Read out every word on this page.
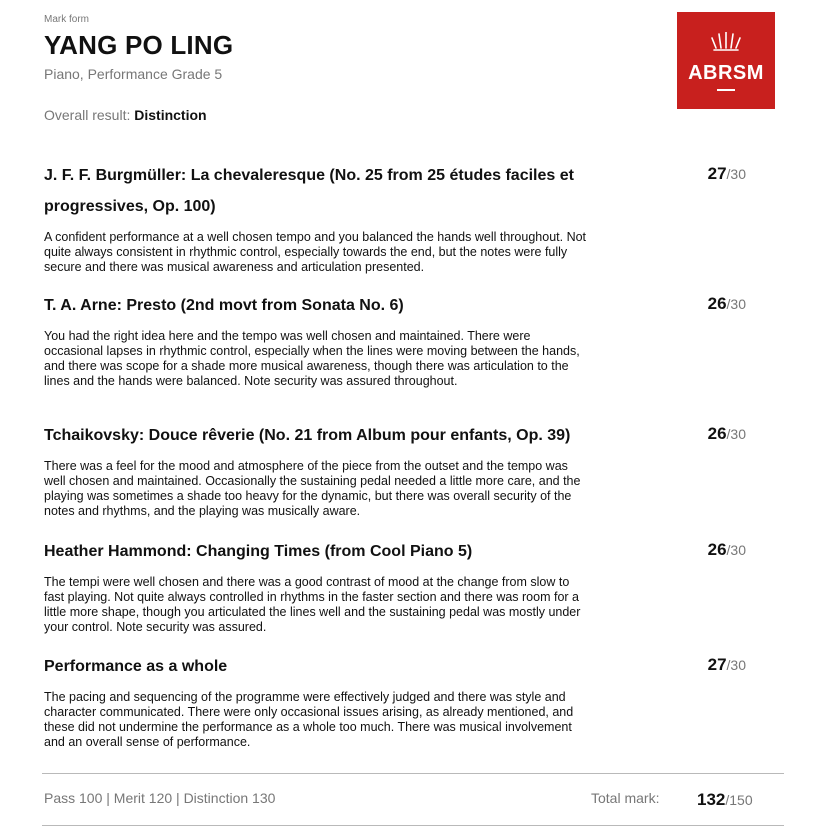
Mark form
YANG PO LING
Piano, Performance Grade 5
Overall result: Distinction
ABRSM
J. F. F. Burgmüller: La chevaleresque (No. 25 from 25 études faciles et progressives, Op. 100)
A confident performance at a well chosen tempo and you balanced the hands well throughout. Not quite always consistent in rhythmic control, especially towards the end, but the notes were fully secure and there was musical awareness and articulation presented.
27/30
T. A. Arne: Presto (2nd movt from Sonata No. 6)
You had the right idea here and the tempo was well chosen and maintained. There were occasional lapses in rhythmic control, especially when the lines were moving between the hands, and there was scope for a shade more musical awareness, though there was articulation to the lines and the hands were balanced. Note security was assured throughout.
26/30
Tchaikovsky: Douce rêverie (No. 21 from Album pour enfants, Op. 39)
There was a feel for the mood and atmosphere of the piece from the outset and the tempo was well chosen and maintained. Occasionally the sustaining pedal needed a little more care, and the playing was sometimes a shade too heavy for the dynamic, but there was overall security of the notes and rhythms, and the playing was musically aware.
26/30
Heather Hammond: Changing Times (from Cool Piano 5)
The tempi were well chosen and there was a good contrast of mood at the change from slow to fast playing. Not quite always controlled in rhythms in the faster section and there was room for a little more shape, though you articulated the lines well and the sustaining pedal was mostly under your control. Note security was assured.
26/30
Performance as a whole
The pacing and sequencing of the programme were effectively judged and there was style and character communicated. There were only occasional issues arising, as already mentioned, and these did not undermine the performance as a whole too much. There was musical involvement and an overall sense of performance.
27/30
Pass 100 | Merit 120 | Distinction 130	Total mark: 132/150
